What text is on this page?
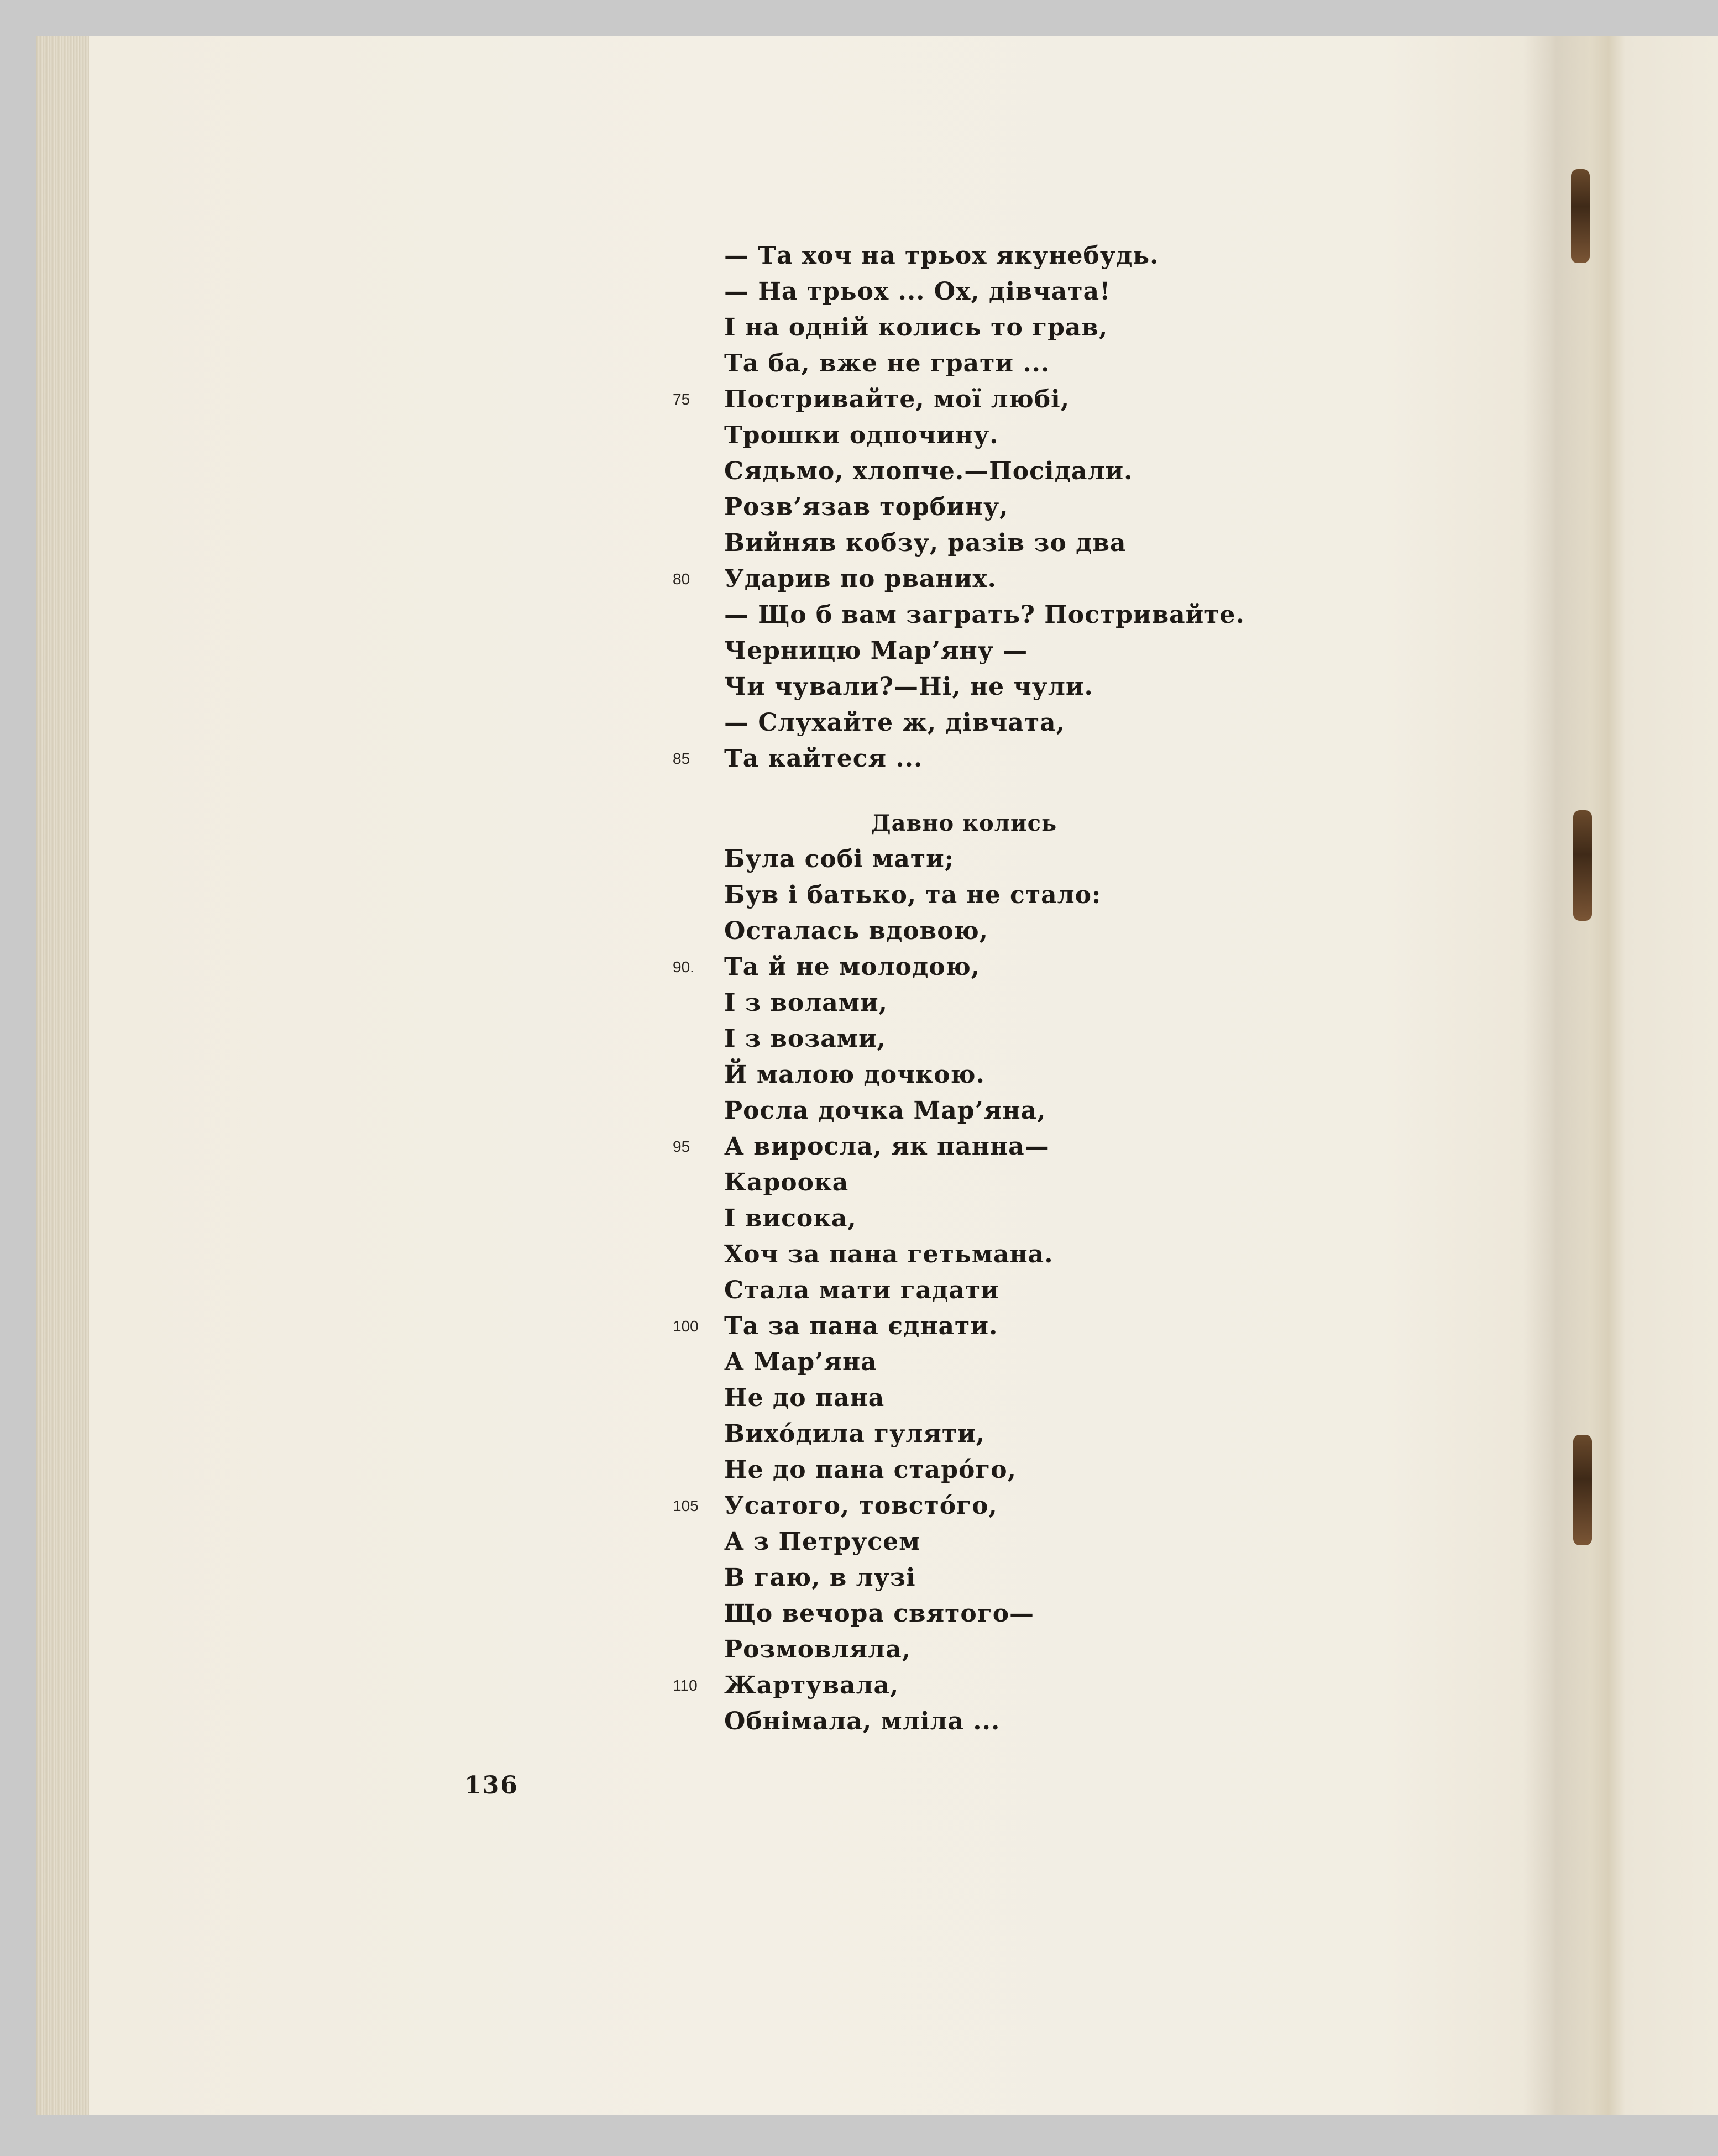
— Та хоч на трьох якунебудь.
— На трьох ... Ох, дівчата!
І на одній колись то грав,
Та ба, вже не грати ...
75	Постривайте, мої любі,
Трошки одпочину.
Сядьмо, хлопче.—Посідали.
Розв’язав торбину,
Вийняв кобзу, разів зо два
80	Ударив по рваних.
— Що б вам заграть? Постривайте.
Черницю Мар’яну —
Чи чували?—Ні, не чули.
— Слухайте ж, дівчата,
85	Та кайтеся ...
Давно колись
Була собі мати;
Був і батько, та не стало:
Осталась вдовою,
90.	Та й не молодою,
І з волами,
І з возами,
Й малою дочкою.
Росла дочка Мар’яна,
95	А виросла, як панна—
Кароока
І висока,
Хоч за пана гетьмана.
Стала мати гадати
100	Та за пана єднати.
А Мар’яна
Не до пана
Вихóдила гуляти,
Не до пана старóго,
105	Усатого, товстóго,
А з Петрусем
В гаю, в лузі
Що вечора святого—
Розмовляла,
110	Жартувала,
Обнімала, мліла ...
136
